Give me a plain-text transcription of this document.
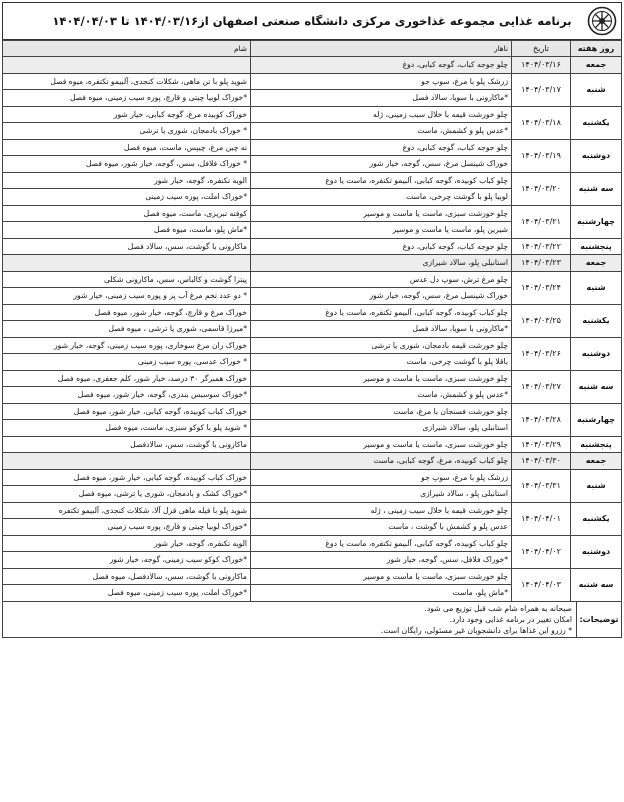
برنامه غذایی مجموعه غذاخوری مرکزی دانشگاه صنعتی اصفهان از۱۴۰۴/۰۳/۱۶ تا ۱۴۰۴/۰۴/۰۳
روز هفته	تاریخ	ناهار	شام
جمعه	۱۴۰۴/۰۳/۱۶	چلو جوجه کباب، گوجه کبابی، دوغ	
شنبه	۱۴۰۴/۰۳/۱۷	زرشک پلو با مرغ، سوپ جو	شوید پلو با تن ماهی، شکلات کنجدی، آلبیمو تکتفره، میوه فصل
		*ماکارونی با سویا، سالاد فصل	*خوراک لوبیا چیتی و قارچ، پوره سیب زمینی، میوه فصل
یکشنبه	۱۴۰۴/۰۳/۱۸	چلو خورشت قیمه با خلال سیب زمینی، ژله	خوراک کوبیده مرغ، گوجه کبابی، خیار شور
		*عدس پلو و کشمش، ماست	* خوراک بادمجان، شوری یا ترشی
دوشنبه	۱۴۰۴/۰۳/۱۹	چلو جوجه کباب، گوجه کبابی، دوغ	ته چین مرغ، چیپس، ماست، میوه فصل
		خوراک شینسل مرغ، سس، گوجه، خیار شور	* خوراک فلافل، سس، گوجه، خیار شور، میوه فصل
سه شنبه	۱۴۰۴/۰۳/۲۰	چلو کباب کوبیده، گوجه کبابی، آلبیمو تکتفره، ماست یا دوغ	الویه تکنفره، گوجه، خیار شور
		لوبیا پلو با گوشت چرخی، ماست	*خوراک املت، پوره سیب زمینی
چهارشنبه	۱۴۰۴/۰۳/۲۱	چلو خورشت سبزی، ماست یا ماست و موسیر	کوفته تبریزی، ماست، میوه فصل
		شیرین پلو، ماست یا ماست و موسیر	*ماش پلو، ماست، میوه فصل
پنجشنبه	۱۴۰۴/۰۳/۲۲	چلو جوجه کباب، گوجه کبابی، دوغ	ماکارونی با گوشت، سس، سالاد فصل
جمعه	۱۴۰۴/۰۳/۲۳	استانبلی پلو، سالاد شیرازی	
شنبه	۱۴۰۴/۰۳/۲۴	چلو مرغ ترش، سوپ دل عدس	پیتزا گوشت و کالباس، سس، ماکارونی شکلی
		خوراک شینسل مرغ، سس، گوجه، خیار شور	* دو عدد تخم مرغ آب پز و پوره سیب زمینی، خیار شور
یکشنبه	۱۴۰۴/۰۳/۲۵	چلو کباب کوبیده، گوجه کبابی، آلبیمو تکتفره، ماست یا دوغ	خوراک مرغ و قارچ، گوجه، خیار شور، میوه فصل
		*ماکارونی با سویا، سالاد فصل	*میرزا قاسمی، شوری یا ترشی ، میوه فصل
دوشنبه	۱۴۰۴/۰۳/۲۶	چلو خورشت قیمه بادمجان، شوری یا ترشی	خوراک ران مرغ سوخاری، پوره سیب زمینی، گوجه، خیار شور
		باقلا پلو با گوشت چرخی، ماست	* خوراک عدسی، پوره سیب زمینی
سه شنبه	۱۴۰۴/۰۳/۲۷	چلو خورشت سبزی، ماست یا ماست و موسیر	خوراک همبرگر ۳۰ درصد، خیار شور، کلم جعفری، میوه فصل
		*عدس پلو و کشمش، ماست	*خوراک سوسیس بندری، گوجه، خیار شور، میوه فصل
چهارشنبه	۱۴۰۴/۰۳/۲۸	چلو خورشت فسنجان با مرغ، ماست	خوراک کباب کوبیده، گوجه کبابی، خیار شور، میوه فصل
		استانبلی پلو، سالاد شیرازی	* شوید پلو با کوکو سبزی، ماست، میوه فصل
پنجشنبه	۱۴۰۴/۰۳/۲۹	چلو خورشت سبزی، ماست یا ماست و موسیر	ماکارونی با گوشت، سس، سالادفصل
جمعه	۱۴۰۴/۰۳/۳۰	چلو کباب کوبیده، مرغ، گوجه کبابی، ماست	
شنبه	۱۴۰۴/۰۳/۳۱	زرشک پلو با مرغ، سوپ جو	خوراک کباب کوبیده، گوجه کبابی، خیار شور، میوه فصل
		استانبلی پلو ، سالاد شیرازی	*خوراک کشک و بادمجان، شوری یا ترشی، میوه فصل
یکشنبه	۱۴۰۴/۰۴/۰۱	چلو خورشت قیمه با خلال سیب زمینی ، ژله	شوید پلو با فیله ماهی قزل آلا، شکلات کنجدی، آلبیمو تکتفره
		عدس پلو و کشمش با گوشت ، ماست	*خوراک لوبیا چیتی و قارچ، پوره سیب زمینی
دوشنبه	۱۴۰۴/۰۴/۰۲	چلو کباب کوبیده، گوجه کبابی، آلبیمو تکتفره، ماست یا دوغ	الویه تکنفره، گوجه، خیار شور
		*خوراک فلافل، سس، گوجه، خیار شور	*خوراک کوکو سیب زمینی، گوجه، خیار شور
سه شنبه	۱۴۰۴/۰۴/۰۳	چلو خورشت سبزی، ماست یا ماست و موسیر	ماکارونی با گوشت، سس، سالادفصل، میوه فصل
		*ماش پلو، ماست	*خوراک املت، پوره سیب زمینی، میوه فصل
توضیحات:
صبحانه به همراه شام شب قبل توزیع می شود.
امکان تغییر در برنامه غذایی وجود دارد.
* رزرو این غذاها برای دانشجویان غیر مسئولی، رایگان است.
